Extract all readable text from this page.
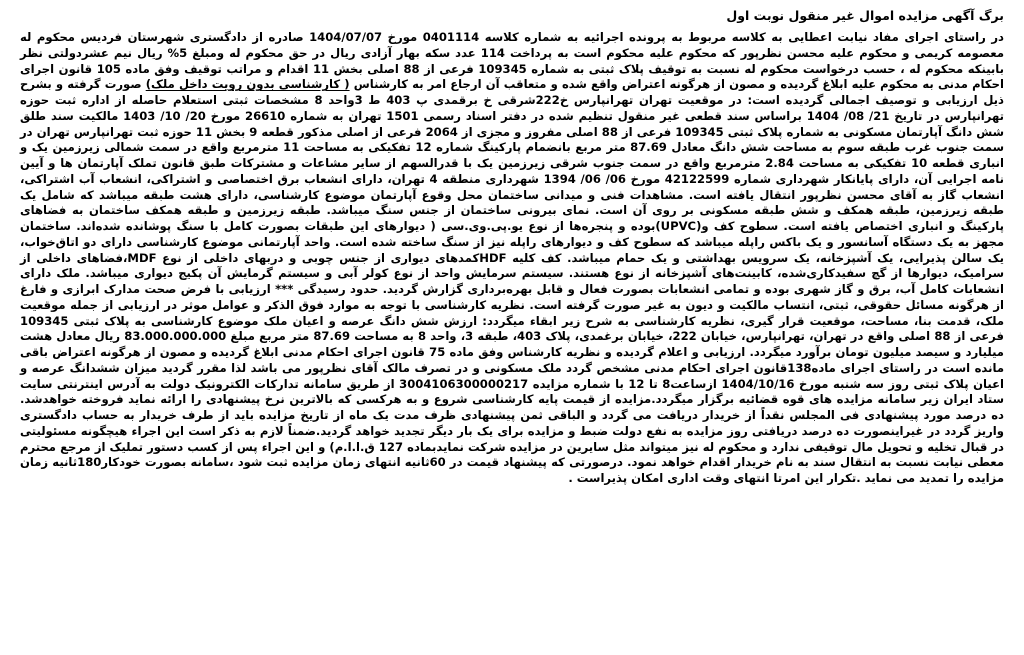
برگ آگهی مزایده اموال غیر منقول نوبت اول

در راستای اجرای مفاد نیابت اعطایی به کلاسه مربوط به پرونده اجرائیه به شماره کلاسه 0401114 مورخ 1404/07/07 صادره از دادگستری شهرستان فردیس محکوم له معصومه کریمی و محکوم علیه محسن نظرپور که محکوم علیه محکوم است به پرداخت 114 عدد سکه بهار آزادی ریال در حق محکوم له ومبلغ 5% ریال نیم عشردولتی نظر بابینکه محکوم له ، حسب درخواست محکوم له نسبت به توقیف پلاک ثبتی به شماره 109345 فرعی از 88 اصلی بخش 11 اقدام و مراتب توقیف وفق ماده 105 قانون اجرای احکام مدنی به محکوم علیه ابلاغ گردیده و مصون از هرگونه اعتراض واقع شده و متعاقب آن ارجاع امر به کارشناس ( کارشناسی بدون رویت داخل ملک) صورت گرفته و بشرح ذیل ارزیابی و توصیف اجمالی گردیده است: در موقعیت تهران تهرانپارس خ222شرقی خ برقمدی پ 403 ط 3واحد 8 مشخصات ثبتی استعلام حاصله از اداره ثبت حوزه تهرانپارس در تاریخ 21/ 08/ 1404 براساس سند قطعی غیر منقول تنظیم شده در دفتر اسناد رسمی 1501 تهران به شماره 26610 مورخ 20/ 10/ 1403 مالکیت سند طلق شش دانگ آپارتمان مسکونی به شماره پلاک ثبتی 109345 فرعی از 88 اصلی مفروز و مجزی از 2064 فرعی از اصلی مذکور قطعه 9 بخش 11 حوزه ثبت تهرانپارس تهران در سمت جنوب غرب طبقه سوم به مساحت شش دانگ معادل 87.69 متر مربع بانضمام پارکینگ شماره 12 تفکیکی به مساحت 11 مترمربع واقع در سمت شمالی زیرزمین یک و انباری قطعه 10 تفکیکی به مساحت 2.84 مترمربع واقع در سمت جنوب شرقی زیرزمین یک با قدرالسهم از سایر مشاعات و مشترکات طبق قانون تملک آپارتمان ها و آیین نامه اجرایی آن، دارای پایانکار شهرداری شماره 42122599 مورخ 06/ 06/ 1394 شهرداری منطقه 4 تهران، دارای انشعاب برق اختصاصی و اشتراکی، انشعاب آب اشتراکی، انشعاب گاز به آقای محسن نظرپور انتقال یافته است. مشاهدات فنی و میدانی ساختمان محل وقوع آپارتمان موضوع کارشناسی، دارای هشت طبقه میباشد که شامل یک طبقه زیرزمین، طبقه همکف و شش طبقه مسکونی بر روی آن است. نمای بیرونی ساختمان از جنس سنگ میباشد. طبقه زیرزمین و طبقه همکف ساختمان به فضاهای پارکینگ و انباری اختصاص یافته است. سطوح کف و(UPVC)بوده و پنجره‌ها از نوع یو.پی.وی.سی ( دیوارهای این طبقات بصورت کامل با سنگ پوشانده شده‌اند. ساختمان مجهز به یک دستگاه آسانسور و یک باکس راپله میباشد که سطوح کف و دیوارهای راپله نیز از سنگ ساخته شده است. واحد آپارتمانی موضوع کارشناسی دارای دو اتاق‌خواب، یک سالن پذیرایی، یک آشپزخانه، یک سرویس بهداشتی و یک حمام میباشد. کف کلیه HDFکمدهای دیواری از جنس چوبی و دربهای داخلی از نوع MDF،فضاهای داخلی از سرامیک، دیوارها از گچ سفیدکاری‌شده، کابینت‌های آشپزخانه از نوع هستند. سیستم سرمایش واحد از نوع کولر آبی و سیستم گرمایش آن پکیج دیواری میباشد. ملک دارای انشعابات کامل آب، برق و گاز شهری بوده و تمامی انشعابات بصورت فعال و قابل بهره‌برداری گزارش گردید. حدود رسیدگی *** ارزیابی با فرض صحت مدارک ابرازی و فارغ از هرگونه مسائل حقوقی، ثبتی، انتساب مالکیت و دیون به غیر صورت گرفته است. نظریه کارشناسی با توجه به موارد فوق الذکر و عوامل موثر در ارزیابی از جمله موقعیت ملک، قدمت بنا، مساحت، موقعیت قرار گیری، نظریه کارشناسی به شرح زیر ابقاء میگردد: ارزش شش دانگ عرصه و اعیان ملک موضوع کارشناسی به پلاک ثبتی 109345 فرعی از 88 اصلی واقع در تهران، تهرانپارس، خیابان 222، خیابان برغمدی، پلاک 403، طبقه 3، واحد 8 به مساحت 87.69 متر مربع مبلغ 83.000.000.000 ریال معادل هشت میلیارد و سیصد میلیون تومان برآورد میگردد. ارزیابی و اعلام گردیده و نظریه کارشناس وفق ماده 75 قانون اجرای احکام مدنی ابلاغ گردیده و مصون از هرگونه اعتراض باقی مانده است در راستای اجرای ماده138قانون اجرای احکام مدنی مشخص گردد ملک مسکونی و در تصرف مالک آقای نظرپور می باشد لذا مقرر گردید میزان ششدانگ عرصه و اعیان پلاک ثبتی روز سه شنبه مورخ 1404/10/16 ازساعت8 تا 12 با شماره مزایده 3004106300000217 از طریق سامانه تدارکات الکترونیک دولت به آدرس اینترنتی سایت ستاد ایران زیر سامانه مزایده های قوه قضائیه برگزار میگردد.مزایده از قیمت پایه کارشناسی شروع و به هرکسی که بالاترین نرخ پیشنهادی را ارائه نماید فروخته خواهدشد. ده درصد مورد پیشنهادی فی المجلس نقداً از خریدار دریافت می گردد و الباقی ثمن پیشنهادی ظرف مدت یک ماه از تاریخ مزایده باید از طرف خریدار به حساب دادگستری واریز گردد در غیراینصورت ده درصد دریافتی روز مزایده به نفع دولت ضبط و مزایده برای یک بار دیگر تجدید خواهد گردید.ضمناً لازم به ذکر است این اجراء هیچگونه مسئولیتی در قبال تخلیه و تحویل مال توقیفی ندارد و محکوم له نیز میتواند مثل سایرین در مزایده شرکت نمایدبماده 127 ق.ا.ا.م) و این اجراء پس از کسب دستور تملیک از مرجع محترم معطی نیابت نسبت به انتقال سند به نام خریدار اقدام خواهد نمود. درصورتی که پیشنهاد قیمت در 60ثانیه انتهای زمان مزایده ثبت شود ،سامانه بصورت خودکار180ثانیه زمان مزایده را تمدید می نماید .تکرار این امرتا انتهای وقت اداری امکان پذیراست .
